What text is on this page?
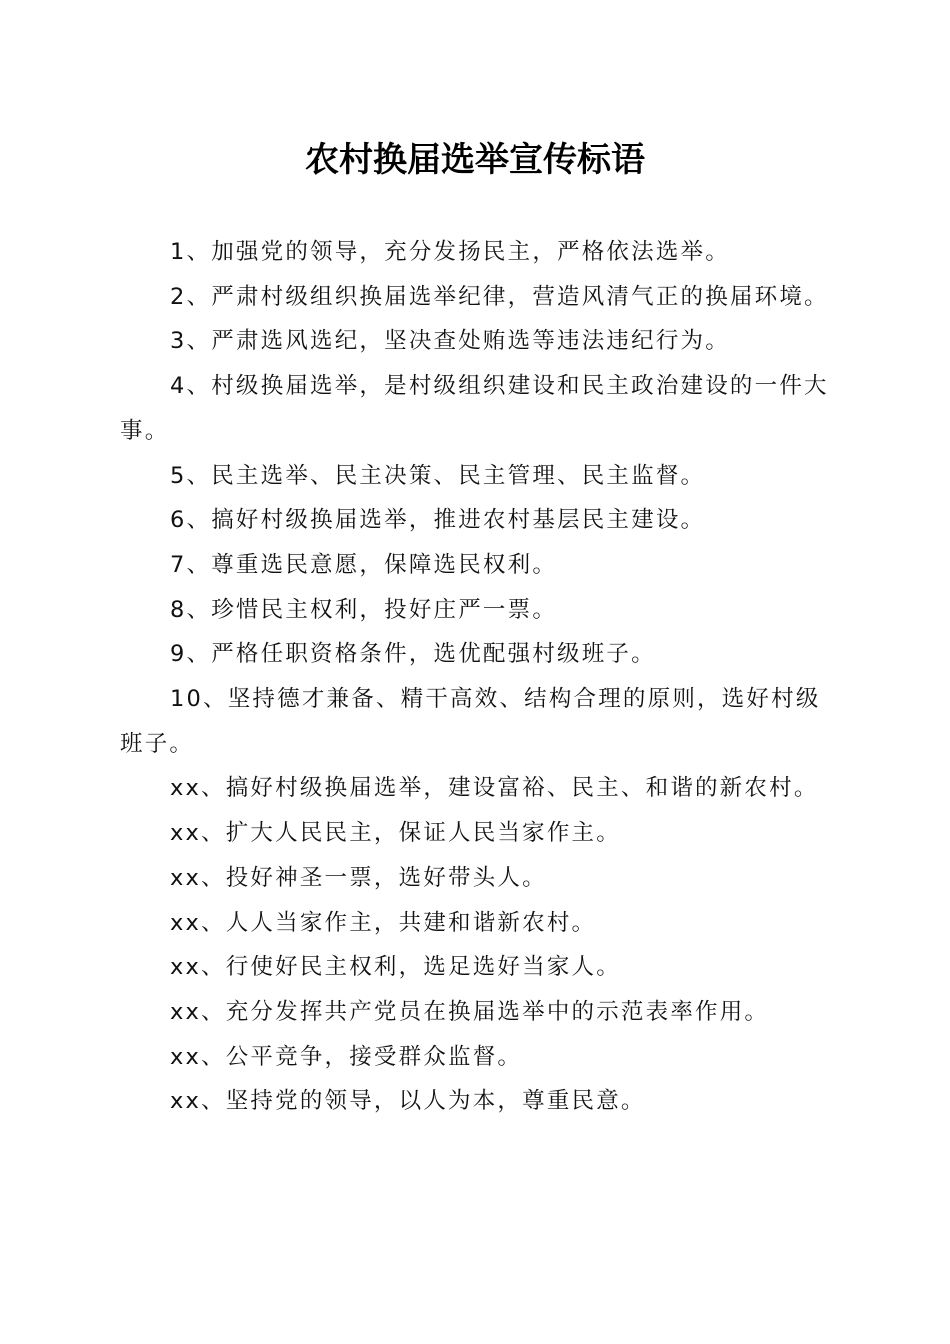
农村换届选举宣传标语

1、加强党的领导，充分发扬民主，严格依法选举。

2、严肃村级组织换届选举纪律，营造风清气正的换届环境。

3、严肃选风选纪，坚决查处贿选等违法违纪行为。

4、村级换届选举，是村级组织建设和民主政治建设的一件大事。

5、民主选举、民主决策、民主管理、民主监督。

6、搞好村级换届选举，推进农村基层民主建设。

7、尊重选民意愿，保障选民权利。

8、珍惜民主权利，投好庄严一票。

9、严格任职资格条件，选优配强村级班子。

10、坚持德才兼备、精干高效、结构合理的原则，选好村级班子。

xx、搞好村级换届选举，建设富裕、民主、和谐的新农村。

xx、扩大人民民主，保证人民当家作主。

xx、投好神圣一票，选好带头人。

xx、人人当家作主，共建和谐新农村。

xx、行使好民主权利，选足选好当家人。

xx、充分发挥共产党员在换届选举中的示范表率作用。

xx、公平竞争，接受群众监督。

xx、坚持党的领导，以人为本，尊重民意。
